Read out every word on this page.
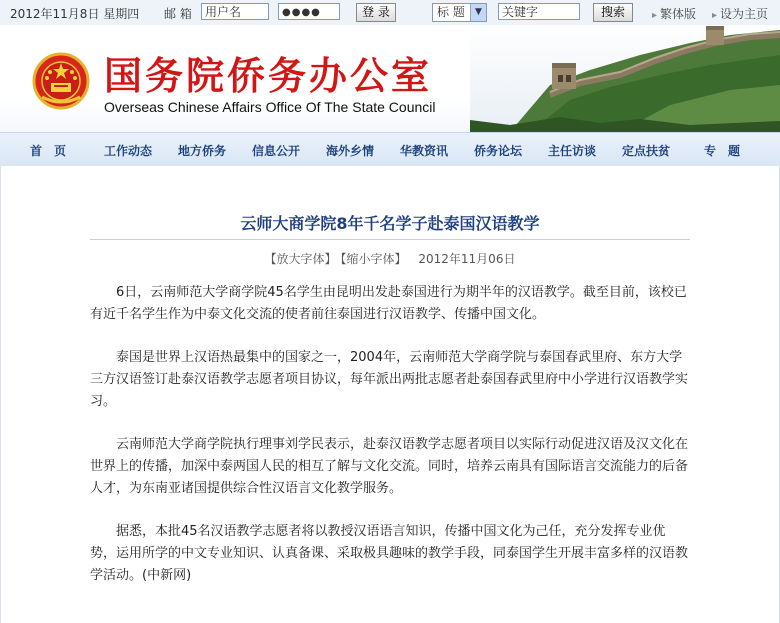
2012年11月8日 星期四 邮 箱	用户名	●●●●	登 录	标 题	▼	关键字	搜索	▸ 繁体版 ▸ 设为主页
国务院侨务办公室
Overseas Chinese Affairs Office Of The State Council
首　页	工作动态 地方侨务 信息公开 海外乡情 华教资讯 侨务论坛 主任访谈 定点扶贫	专　题
云师大商学院8年千名学子赴泰国汉语教学
【放大字体】 【缩小字体】 2012年11月06日

6日，云南师范大学商学院45名学生由昆明出发赴泰国进行为期半年的汉语教学。截至目前，该校已有近千名学生作为中泰文化交流的使者前往泰国进行汉语教学、传播中国文化。

泰国是世界上汉语热最集中的国家之一，2004年，云南师范大学商学院与泰国春武里府、东方大学三方汉语签订赴泰汉语教学志愿者项目协议，每年派出两批志愿者赴泰国春武里府中小学进行汉语教学实习。

云南师范大学商学院执行理事刘学民表示，赴泰汉语教学志愿者项目以实际行动促进汉语及汉文化在世界上的传播，加深中泰两国人民的相互了解与文化交流。同时，培养云南具有国际语言交流能力的后备人才，为东南亚诸国提供综合性汉语言文化教学服务。

据悉，本批45名汉语教学志愿者将以教授汉语语言知识，传播中国文化为己任，充分发挥专业优势，运用所学的中文专业知识、认真备课、采取极具趣味的教学手段，同泰国学生开展丰富多样的汉语教学活动。(中新网)
